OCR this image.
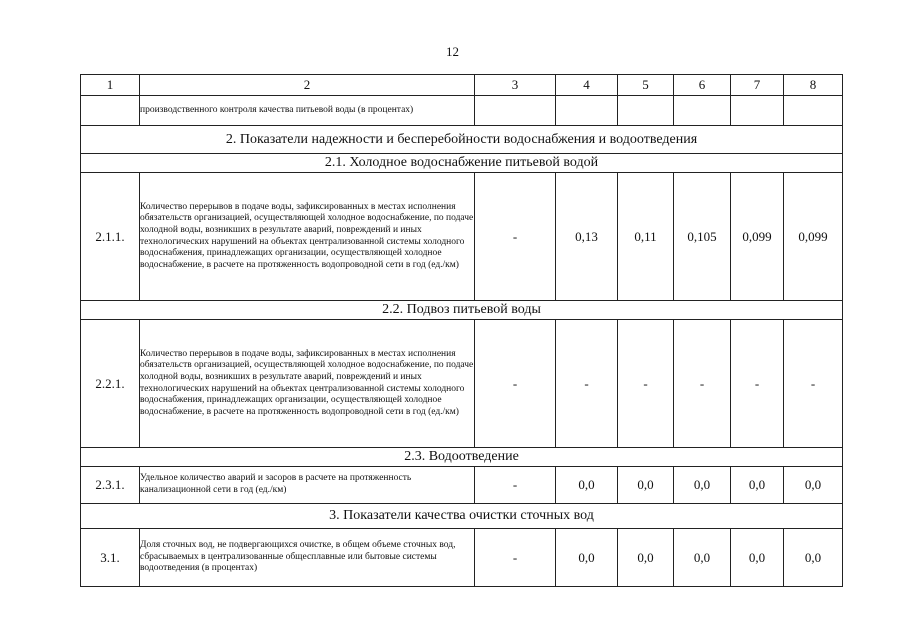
12
1	2	3	4	5	6	7	8
	производственного контроля качества питьевой воды (в процентах)						
2. Показатели надежности и бесперебойности водоснабжения и водоотведения							
2.1. Холодное водоснабжение питьевой водой							
2.1.1.	Количество перерывов в подаче воды, зафиксированных в местах исполнения обязательств организацией, осуществляющей холодное водоснабжение, по подаче холодной воды, возникших в результате аварий, повреждений и иных технологических нарушений на объектах централизованной системы холодного водоснабжения, принадлежащих организации, осуществляющей холодное водоснабжение, в расчете на протяженность водопроводной сети в год (ед./км)	-	0,13	0,11	0,105	0,099	0,099
2.2. Подвоз питьевой воды							
2.2.1.	Количество перерывов в подаче воды, зафиксированных в местах исполнения обязательств организацией, осуществляющей холодное водоснабжение, по подаче холодной воды, возникших в результате аварий, повреждений и иных технологических нарушений на объектах централизованной системы холодного водоснабжения, принадлежащих организации, осуществляющей холодное водоснабжение, в расчете на протяженность водопроводной сети в год (ед./км)	-	-	-	-	-	-
2.3. Водоотведение							
2.3.1.	Удельное количество аварий и засоров в расчете на протяженность канализационной сети в год (ед./км)	-	0,0	0,0	0,0	0,0	0,0
3. Показатели качества очистки сточных вод							
3.1.	Доля сточных вод, не подвергающихся очистке, в общем объеме сточных вод, сбрасываемых в централизованные общесплавные или бытовые системы водоотведения (в процентах)	-	0,0	0,0	0,0	0,0	0,0
